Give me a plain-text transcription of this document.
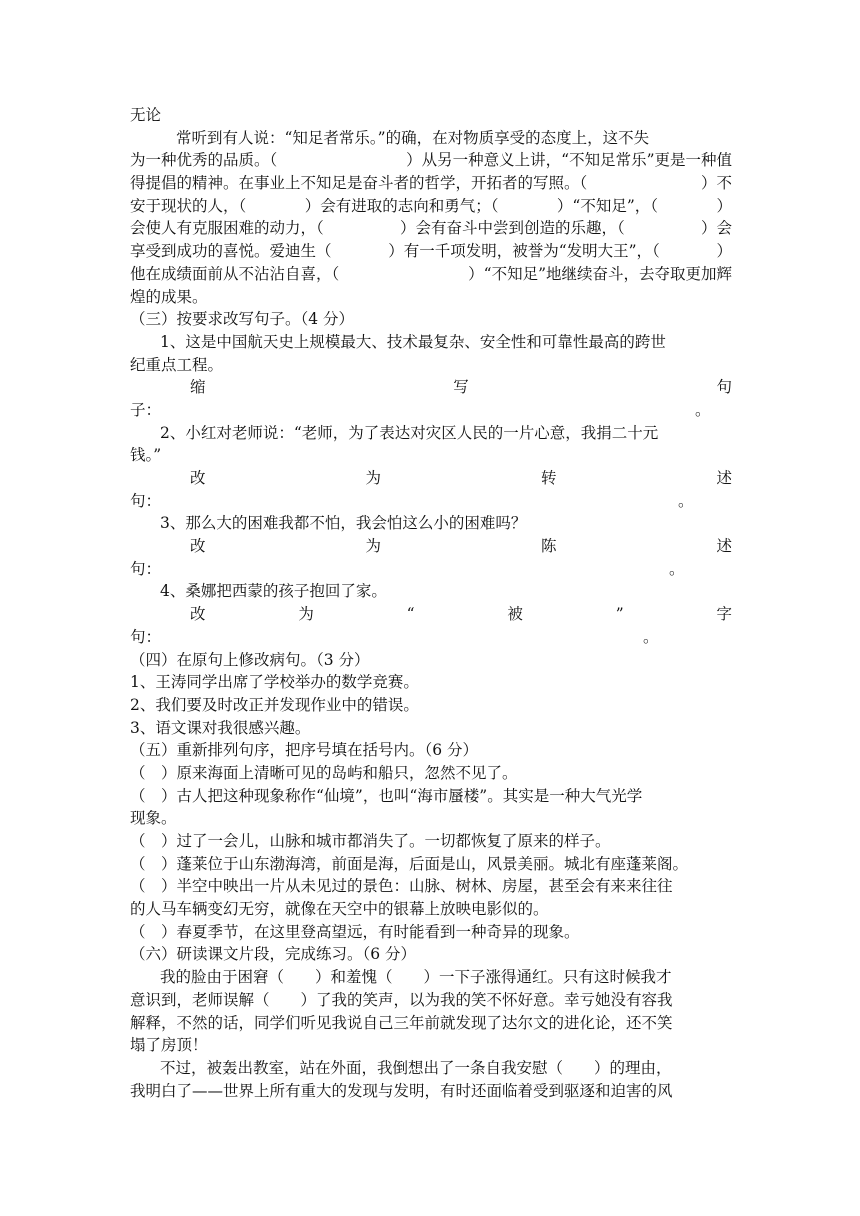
无论
常听到有人说：“知足者常乐。”的确，在对物质享受的态度上，这不失
为一种优秀的品质。（	）从另一种意义上讲，“不知足常乐”更是一种值
得提倡的精神。在事业上不知足是奋斗者的哲学，开拓者的写照。（	）不
安于现状的人，（	）会有进取的志向和勇气；（	）“不知足”，（	）
会使人有克服困难的动力，（	）会有奋斗中尝到创造的乐趣，（	）会
享受到成功的喜悦。爱迪生（	）有一千项发明，被誉为“发明大王”，（	）
他在成绩面前从不沾沾自喜，（	）“不知足”地继续奋斗，去夺取更加辉
煌的成果。
（三）按要求改写句子。（4 分）
1、这是中国航天史上规模最大、技术最复杂、安全性和可靠性最高的跨世
纪重点工程。
缩	写	句
子：	。
2、小红对老师说：“老师，为了表达对灾区人民的一片心意，我捐二十元
钱。”
改	为	转	述
句：	。
3、那么大的困难我都不怕，我会怕这么小的困难吗？
改	为	陈	述
句：	。
4、桑娜把西蒙的孩子抱回了家。
改	为	“	被	”	字
句：	。
（四）在原句上修改病句。（3 分）
1、王涛同学出席了学校举办的数学竞赛。
2、我们要及时改正并发现作业中的错误。
3、语文课对我很感兴趣。
（五）重新排列句序，把序号填在括号内。（6 分）
（　）原来海面上清晰可见的岛屿和船只，忽然不见了。
（　）古人把这种现象称作“仙境”，也叫“海市蜃楼”。其实是一种大气光学
现象。
（　）过了一会儿，山脉和城市都消失了。一切都恢复了原来的样子。
（　）蓬莱位于山东渤海湾，前面是海，后面是山，风景美丽。城北有座蓬莱阁。
（　）半空中映出一片从未见过的景色：山脉、树林、房屋，甚至会有来来往往
的人马车辆变幻无穷，就像在天空中的银幕上放映电影似的。
（　）春夏季节，在这里登高望远，有时能看到一种奇异的现象。
（六）研读课文片段，完成练习。（6 分）
我的脸由于困窘（　　）和羞愧（　　）一下子涨得通红。只有这时候我才
意识到，老师误解（　　）了我的笑声，以为我的笑不怀好意。幸亏她没有容我
解释，不然的话，同学们听见我说自己三年前就发现了达尔文的进化论，还不笑
塌了房顶！
不过，被轰出教室，站在外面，我倒想出了一条自我安慰（　　）的理由，
我明白了——世界上所有重大的发现与发明，有时还面临着受到驱逐和迫害的风
